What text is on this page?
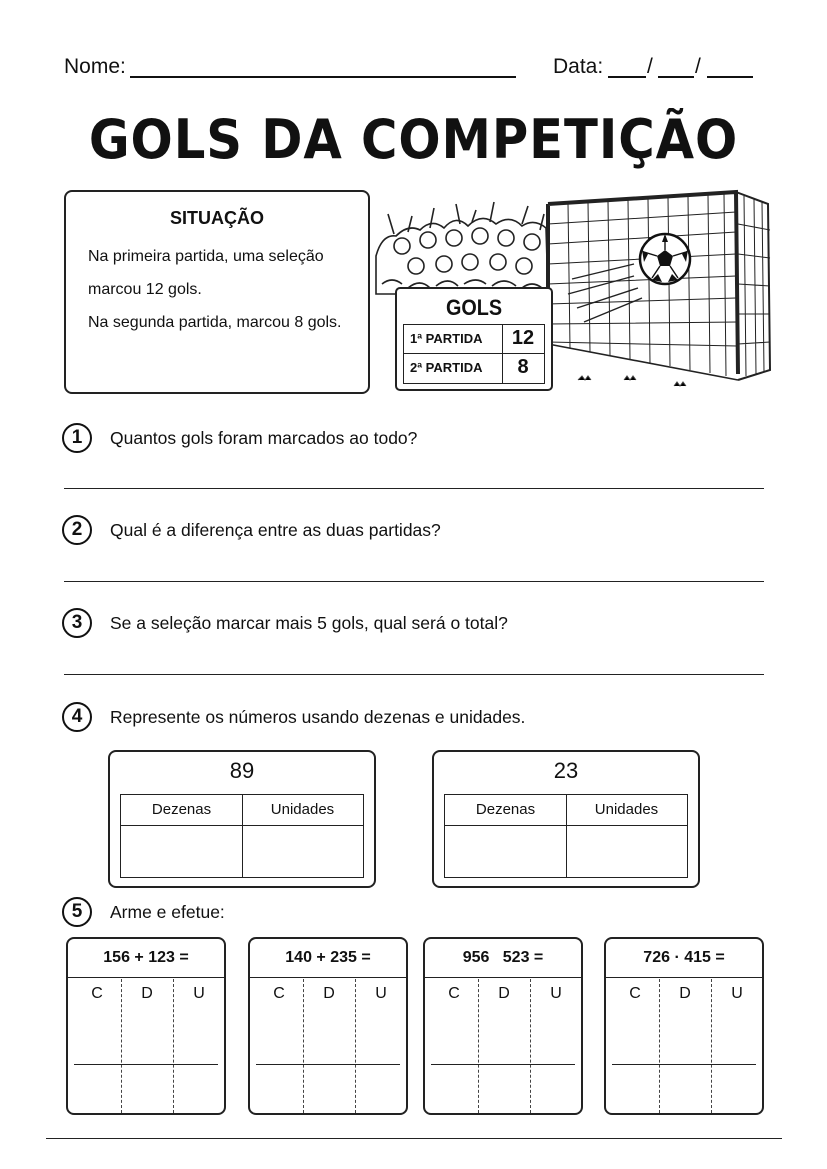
Nome:	Data: / /
GOLS DA COMPETIÇÃO
SITUAÇÃO
Na primeira partida, uma seleção
marcou 12 gols.
Na segunda partida, marcou 8 gols.
GOLS
1ª PARTIDA	12
2ª PARTIDA	8
1	Quantos gols foram marcados ao todo?
2	Qual é a diferença entre as duas partidas?
3	Se a seleção marcar mais 5 gols, qual será o total?
4	Represente os números usando dezenas e unidades.
89
Dezenas	Unidades
23
Dezenas	Unidades
5	Arme e efetue:
156 + 123 =
C	D	U
140 + 235 =
C	D	U
956   523 =
C	D	U
726 · 415 =
C	D	U
